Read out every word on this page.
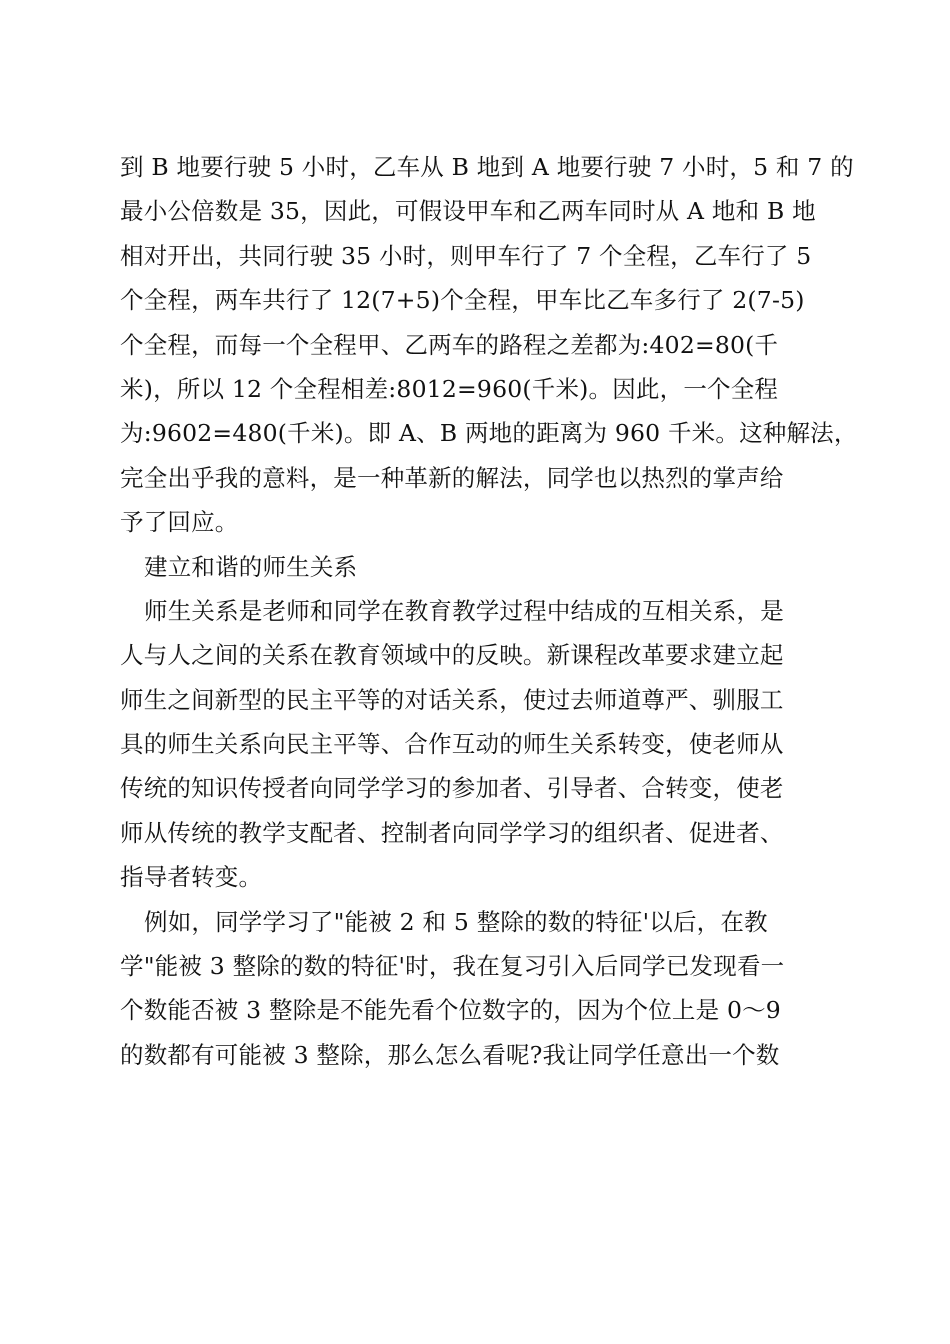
到 B 地要行驶 5 小时，乙车从 B 地到 A 地要行驶 7 小时，5 和 7 的
最小公倍数是 35，因此，可假设甲车和乙两车同时从 A 地和 B 地
相对开出，共同行驶 35 小时，则甲车行了 7 个全程，乙车行了 5
个全程，两车共行了 12(7+5)个全程，甲车比乙车多行了 2(7-5)
个全程，而每一个全程甲、乙两车的路程之差都为:402=80(千
米)，所以 12 个全程相差:8012=960(千米)。因此，一个全程
为:9602=480(千米)。即 A、B 两地的距离为 960 千米。这种解法，
完全出乎我的意料，是一种革新的解法，同学也以热烈的掌声给
予了回应。
建立和谐的师生关系
师生关系是老师和同学在教育教学过程中结成的互相关系，是
人与人之间的关系在教育领域中的反映。新课程改革要求建立起
师生之间新型的民主平等的对话关系，使过去师道尊严、驯服工
具的师生关系向民主平等、合作互动的师生关系转变，使老师从
传统的知识传授者向同学学习的参加者、引导者、合转变，使老
师从传统的教学支配者、控制者向同学学习的组织者、促进者、
指导者转变。
例如，同学学习了"能被 2 和 5 整除的数的特征'以后，在教
学"能被 3 整除的数的特征'时，我在复习引入后同学已发现看一
个数能否被 3 整除是不能先看个位数字的，因为个位上是 0～9
的数都有可能被 3 整除，那么怎么看呢?我让同学任意出一个数
